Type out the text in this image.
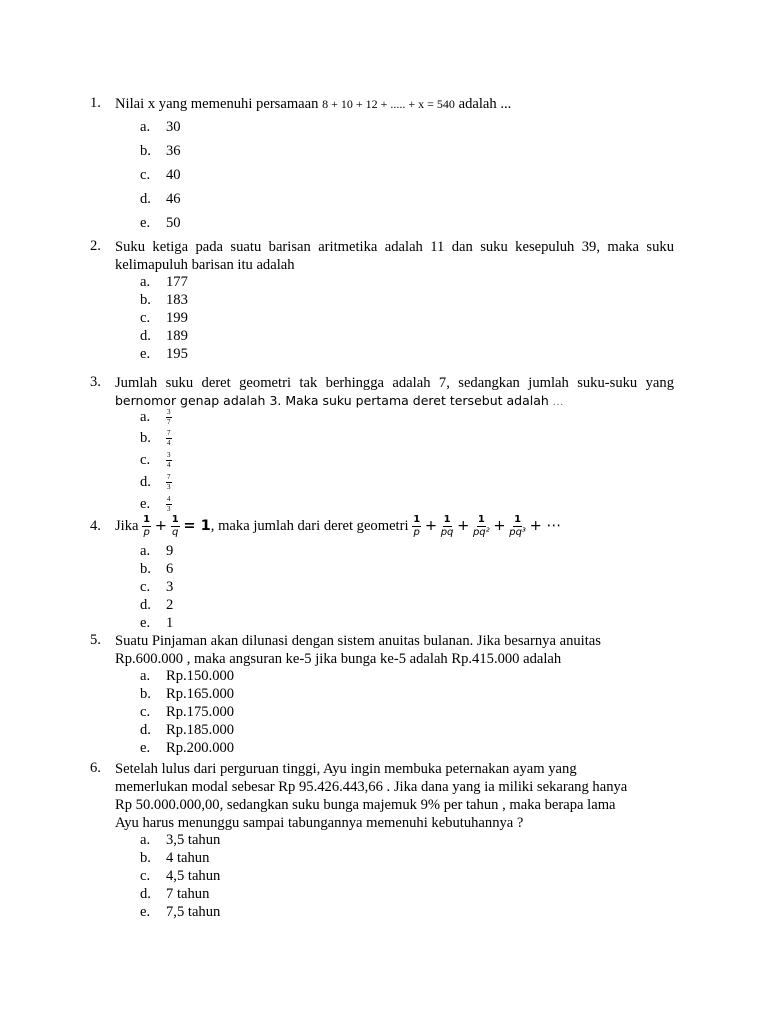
1. Nilai x yang memenuhi persamaan 8 + 10 + 12 + ..... + x = 540 adalah ...
a. 30
b. 36
c. 40
d. 46
e. 50
2. Suku ketiga pada suatu barisan aritmetika adalah 11 dan suku kesepuluh 39, maka suku kelimapuluh barisan itu adalah
a. 177
b. 183
c. 199
d. 189
e. 195
3. Jumlah suku deret geometri tak berhingga adalah 7, sedangkan jumlah suku-suku yang
bernomor genap adalah 3. Maka suku pertama deret tersebut adalah …
a. $\frac{3}{7}$
b. $\frac{7}{4}$
c. $\frac{3}{4}$
d. $\frac{7}{3}$
e. $\frac{4}{3}$
4. Jika $\frac{1}{p} + \frac{1}{q} = 1$, maka jumlah dari deret geometri $\frac{1}{p} + \frac{1}{pq} + \frac{1}{\text{pq²}} + \frac{1}{\text{pq³}}$ + ⋯
a. 9
b. 6
c. 3
d. 2
e. 1
5. Suatu Pinjaman akan dilunasi dengan sistem anuitas bulanan. Jika besarnya anuitas
Rp.600.000 , maka angsuran ke-5 jika bunga ke-5 adalah Rp.415.000 adalah
a. Rp.150.000
b. Rp.165.000
c. Rp.175.000
d. Rp.185.000
e. Rp.200.000
6. Setelah lulus dari perguruan tinggi, Ayu ingin membuka peternakan ayam yang
memerlukan modal sebesar Rp 95.426.443,66 . Jika dana yang ia miliki sekarang hanya
Rp 50.000.000,00, sedangkan suku bunga majemuk 9% per tahun , maka berapa lama
Ayu harus menunggu sampai tabungannya memenuhi kebutuhannya ?
a. 3,5 tahun
b. 4 tahun
c. 4,5 tahun
d. 7 tahun
e. 7,5 tahun
